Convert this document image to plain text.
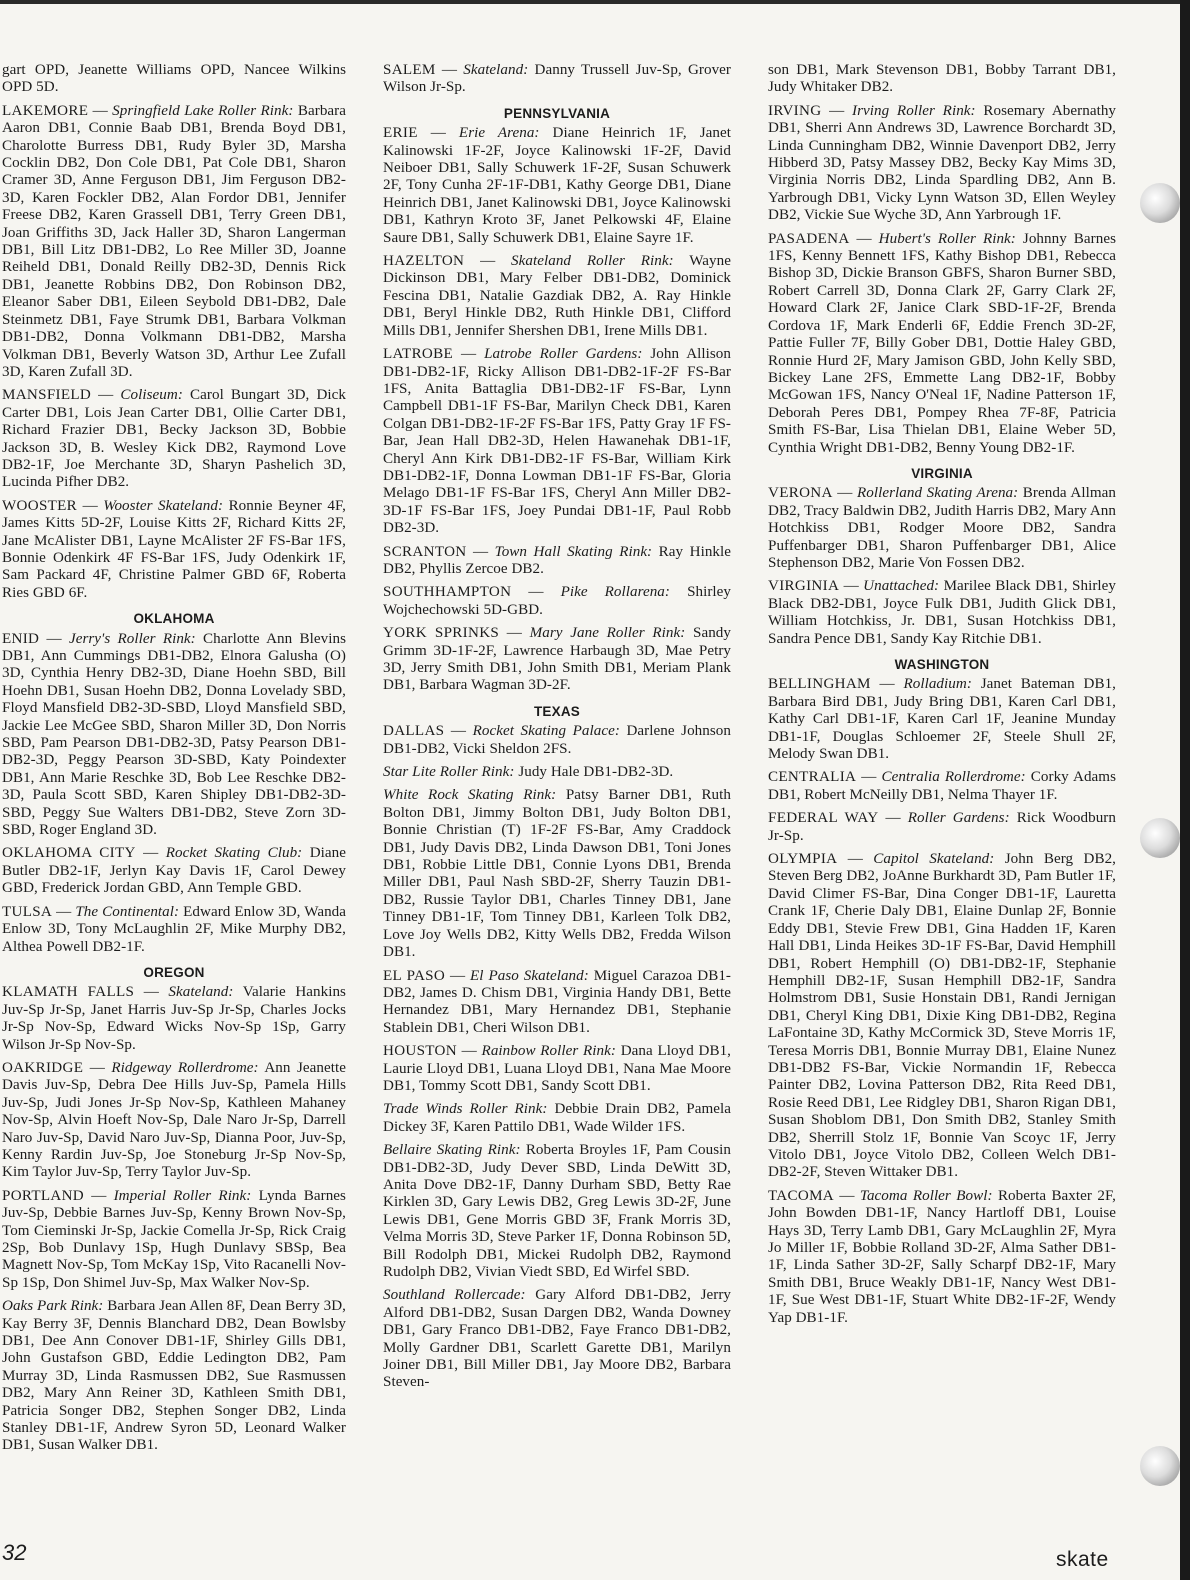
gart OPD, Jeanette Williams OPD, Nancee Wilkins OPD 5D.

LAKEMORE — Springfield Lake Roller Rink: Barbara Aaron DB1, Connie Baab DB1, Brenda Boyd DB1, Charolotte Burress DB1, Rudy Byler 3D, Marsha Cocklin DB2, Don Cole DB1, Pat Cole DB1, Sharon Cramer 3D, Anne Ferguson DB1, Jim Ferguson DB2-3D, Karen Fockler DB2, Alan Fordor DB1, Jennifer Freese DB2, Karen Grassell DB1, Terry Green DB1, Joan Griffiths 3D, Jack Haller 3D, Sharon Langerman DB1, Bill Litz DB1-DB2, Lo Ree Miller 3D, Joanne Reiheld DB1, Donald Reilly DB2-3D, Dennis Rick DB1, Jeanette Robbins DB2, Don Robinson DB2, Eleanor Saber DB1, Eileen Seybold DB1-DB2, Dale Steinmetz DB1, Faye Strumk DB1, Barbara Volkman DB1-DB2, Donna Volkmann DB1-DB2, Marsha Volkman DB1, Beverly Watson 3D, Arthur Lee Zufall 3D, Karen Zufall 3D.

MANSFIELD — Coliseum: Carol Bungart 3D, Dick Carter DB1, Lois Jean Carter DB1, Ollie Carter DB1, Richard Frazier DB1, Becky Jackson 3D, Bobbie Jackson 3D, B. Wesley Kick DB2, Raymond Love DB2-1F, Joe Merchante 3D, Sharyn Pashelich 3D, Lucinda Pifher DB2.

WOOSTER — Wooster Skateland: Ronnie Beyner 4F, James Kitts 5D-2F, Louise Kitts 2F, Richard Kitts 2F, Jane McAlister DB1, Layne McAlister 2F FS-Bar 1FS, Bonnie Odenkirk 4F FS-Bar 1FS, Judy Odenkirk 1F, Sam Packard 4F, Christine Palmer GBD 6F, Roberta Ries GBD 6F.

OKLAHOMA

ENID — Jerry's Roller Rink: Charlotte Ann Blevins DB1, Ann Cummings DB1-DB2, Elnora Galusha (O) 3D, Cynthia Henry DB2-3D, Diane Hoehn SBD, Bill Hoehn DB1, Susan Hoehn DB2, Donna Lovelady SBD, Floyd Mansfield DB2-3D-SBD, Lloyd Mansfield SBD, Jackie Lee McGee SBD, Sharon Miller 3D, Don Norris SBD, Pam Pearson DB1-DB2-3D, Patsy Pearson DB1-DB2-3D, Peggy Pearson 3D-SBD, Katy Poindexter DB1, Ann Marie Reschke 3D, Bob Lee Reschke DB2-3D, Paula Scott SBD, Karen Shipley DB1-DB2-3D-SBD, Peggy Sue Walters DB1-DB2, Steve Zorn 3D-SBD, Roger England 3D.

OKLAHOMA CITY — Rocket Skating Club: Diane Butler DB2-1F, Jerlyn Kay Davis 1F, Carol Dewey GBD, Frederick Jordan GBD, Ann Temple GBD.

TULSA — The Continental: Edward Enlow 3D, Wanda Enlow 3D, Tony McLaughlin 2F, Mike Murphy DB2, Althea Powell DB2-1F.

OREGON

KLAMATH FALLS — Skateland: Valarie Hankins Juv-Sp Jr-Sp, Janet Harris Juv-Sp Jr-Sp, Charles Jocks Jr-Sp Nov-Sp, Edward Wicks Nov-Sp 1Sp, Garry Wilson Jr-Sp Nov-Sp.

OAKRIDGE — Ridgeway Rollerdrome: Ann Jeanette Davis Juv-Sp, Debra Dee Hills Juv-Sp, Pamela Hills Juv-Sp, Judi Jones Jr-Sp Nov-Sp, Kathleen Mahaney Nov-Sp, Alvin Hoeft Nov-Sp, Dale Naro Jr-Sp, Darrell Naro Juv-Sp, David Naro Juv-Sp, Dianna Poor, Juv-Sp, Kenny Rardin Juv-Sp, Joe Stoneburg Jr-Sp Nov-Sp, Kim Taylor Juv-Sp, Terry Taylor Juv-Sp.

PORTLAND — Imperial Roller Rink: Lynda Barnes Juv-Sp, Debbie Barnes Juv-Sp, Kenny Brown Nov-Sp, Tom Cieminski Jr-Sp, Jackie Comella Jr-Sp, Rick Craig 2Sp, Bob Dunlavy 1Sp, Hugh Dunlavy SBSp, Bea Magnett Nov-Sp, Tom McKay 1Sp, Vito Racanelli Nov-Sp 1Sp, Don Shimel Juv-Sp, Max Walker Nov-Sp.

Oaks Park Rink: Barbara Jean Allen 8F, Dean Berry 3D, Kay Berry 3F, Dennis Blanchard DB2, Dean Bowlsby DB1, Dee Ann Conover DB1-1F, Shirley Gills DB1, John Gustafson GBD, Eddie Ledington DB2, Pam Murray 3D, Linda Rasmussen DB2, Sue Rasmussen DB2, Mary Ann Reiner 3D, Kathleen Smith DB1, Patricia Songer DB2, Stephen Songer DB2, Linda Stanley DB1-1F, Andrew Syron 5D, Leonard Walker DB1, Susan Walker DB1.

SALEM — Skateland: Danny Trussell Juv-Sp, Grover Wilson Jr-Sp.

PENNSYLVANIA

ERIE — Erie Arena: Diane Heinrich 1F, Janet Kalinowski 1F-2F, Joyce Kalinowski 1F-2F, David Neiboer DB1, Sally Schuwerk 1F-2F, Susan Schuwerk 2F, Tony Cunha 2F-1F-DB1, Kathy George DB1, Diane Heinrich DB1, Janet Kalinowski DB1, Joyce Kalinowski DB1, Kathryn Kroto 3F, Janet Pelkowski 4F, Elaine Saure DB1, Sally Schuwerk DB1, Elaine Sayre 1F.

HAZELTON — Skateland Roller Rink: Wayne Dickinson DB1, Mary Felber DB1-DB2, Dominick Fescina DB1, Natalie Gazdiak DB2, A. Ray Hinkle DB1, Beryl Hinkle DB2, Ruth Hinkle DB1, Clifford Mills DB1, Jennifer Shershen DB1, Irene Mills DB1.

LATROBE — Latrobe Roller Gardens: John Allison DB1-DB2-1F, Ricky Allison DB1-DB2-1F-2F FS-Bar 1FS, Anita Battaglia DB1-DB2-1F FS-Bar, Lynn Campbell DB1-1F FS-Bar, Marilyn Check DB1, Karen Colgan DB1-DB2-1F-2F FS-Bar 1FS, Patty Gray 1F FS-Bar, Jean Hall DB2-3D, Helen Hawanehak DB1-1F, Cheryl Ann Kirk DB1-DB2-1F FS-Bar, William Kirk DB1-DB2-1F, Donna Lowman DB1-1F FS-Bar, Gloria Melago DB1-1F FS-Bar 1FS, Cheryl Ann Miller DB2-3D-1F FS-Bar 1FS, Joey Pundai DB1-1F, Paul Robb DB2-3D.

SCRANTON — Town Hall Skating Rink: Ray Hinkle DB2, Phyllis Zercoe DB2.

SOUTHHAMPTON — Pike Rollarena: Shirley Wojchechowski 5D-GBD.

YORK SPRINKS — Mary Jane Roller Rink: Sandy Grimm 3D-1F-2F, Lawrence Harbaugh 3D, Mae Petry 3D, Jerry Smith DB1, John Smith DB1, Meriam Plank DB1, Barbara Wagman 3D-2F.

TEXAS

DALLAS — Rocket Skating Palace: Darlene Johnson DB1-DB2, Vicki Sheldon 2FS.

Star Lite Roller Rink: Judy Hale DB1-DB2-3D.

White Rock Skating Rink: Patsy Barner DB1, Ruth Bolton DB1, Jimmy Bolton DB1, Judy Bolton DB1, Bonnie Christian (T) 1F-2F FS-Bar, Amy Craddock DB1, Judy Davis DB2, Linda Dawson DB1, Toni Jones DB1, Robbie Little DB1, Connie Lyons DB1, Brenda Miller DB1, Paul Nash SBD-2F, Sherry Tauzin DB1-DB2, Russie Taylor DB1, Charles Tinney DB1, Jane Tinney DB1-1F, Tom Tinney DB1, Karleen Tolk DB2, Love Joy Wells DB2, Kitty Wells DB2, Fredda Wilson DB1.

EL PASO — El Paso Skateland: Miguel Carazoa DB1-DB2, James D. Chism DB1, Virginia Handy DB1, Bette Hernandez DB1, Mary Hernandez DB1, Stephanie Stablein DB1, Cheri Wilson DB1.

HOUSTON — Rainbow Roller Rink: Dana Lloyd DB1, Laurie Lloyd DB1, Luana Lloyd DB1, Nana Mae Moore DB1, Tommy Scott DB1, Sandy Scott DB1.

Trade Winds Roller Rink: Debbie Drain DB2, Pamela Dickey 3F, Karen Pattilo DB1, Wade Wilder 1FS.

Bellaire Skating Rink: Roberta Broyles 1F, Pam Cousin DB1-DB2-3D, Judy Dever SBD, Linda DeWitt 3D, Anita Dove DB2-1F, Danny Durham SBD, Betty Rae Kirklen 3D, Gary Lewis DB2, Greg Lewis 3D-2F, June Lewis DB1, Gene Morris GBD 3F, Frank Morris 3D, Velma Morris 3D, Steve Parker 1F, Donna Robinson 5D, Bill Rodolph DB1, Mickei Rudolph DB2, Raymond Rudolph DB2, Vivian Viedt SBD, Ed Wirfel SBD.

Southland Rollercade: Gary Alford DB1-DB2, Jerry Alford DB1-DB2, Susan Dargen DB2, Wanda Downey DB1, Gary Franco DB1-DB2, Faye Franco DB1-DB2, Molly Gardner DB1, Scarlett Garette DB1, Marilyn Joiner DB1, Bill Miller DB1, Jay Moore DB2, Barbara Steven-

son DB1, Mark Stevenson DB1, Bobby Tarrant DB1, Judy Whitaker DB2.

IRVING — Irving Roller Rink: Rosemary Abernathy DB1, Sherri Ann Andrews 3D, Lawrence Borchardt 3D, Linda Cunningham DB2, Winnie Davenport DB2, Jerry Hibberd 3D, Patsy Massey DB2, Becky Kay Mims 3D, Virginia Norris DB2, Linda Spardling DB2, Ann B. Yarbrough DB1, Vicky Lynn Watson 3D, Ellen Weyley DB2, Vickie Sue Wyche 3D, Ann Yarbrough 1F.

PASADENA — Hubert's Roller Rink: Johnny Barnes 1FS, Kenny Bennett 1FS, Kathy Bishop DB1, Rebecca Bishop 3D, Dickie Branson GBFS, Sharon Burner SBD, Robert Carrell 3D, Donna Clark 2F, Garry Clark 2F, Howard Clark 2F, Janice Clark SBD-1F-2F, Brenda Cordova 1F, Mark Enderli 6F, Eddie French 3D-2F, Pattie Fuller 7F, Billy Gober DB1, Dottie Haley GBD, Ronnie Hurd 2F, Mary Jamison GBD, John Kelly SBD, Bickey Lane 2FS, Emmette Lang DB2-1F, Bobby McGowan 1FS, Nancy O'Neal 1F, Nadine Patterson 1F, Deborah Peres DB1, Pompey Rhea 7F-8F, Patricia Smith FS-Bar, Lisa Thielan DB1, Elaine Weber 5D, Cynthia Wright DB1-DB2, Benny Young DB2-1F.

VIRGINIA

VERONA — Rollerland Skating Arena: Brenda Allman DB2, Tracy Baldwin DB2, Judith Harris DB2, Mary Ann Hotchkiss DB1, Rodger Moore DB2, Sandra Puffenbarger DB1, Sharon Puffenbarger DB1, Alice Stephenson DB2, Marie Von Fossen DB2.

VIRGINIA — Unattached: Marilee Black DB1, Shirley Black DB2-DB1, Joyce Fulk DB1, Judith Glick DB1, William Hotchkiss, Jr. DB1, Susan Hotchkiss DB1, Sandra Pence DB1, Sandy Kay Ritchie DB1.

WASHINGTON

BELLINGHAM — Rolladium: Janet Bateman DB1, Barbara Bird DB1, Judy Bring DB1, Karen Carl DB1, Kathy Carl DB1-1F, Karen Carl 1F, Jeanine Munday DB1-1F, Douglas Schloemer 2F, Steele Shull 2F, Melody Swan DB1.

CENTRALIA — Centralia Rollerdrome: Corky Adams DB1, Robert McNeilly DB1, Nelma Thayer 1F.

FEDERAL WAY — Roller Gardens: Rick Woodburn Jr-Sp.

OLYMPIA — Capitol Skateland: John Berg DB2, Steven Berg DB2, JoAnne Burkhardt 3D, Pam Butler 1F, David Climer FS-Bar, Dina Conger DB1-1F, Lauretta Crank 1F, Cherie Daly DB1, Elaine Dunlap 2F, Bonnie Eddy DB1, Stevie Frew DB1, Gina Hadden 1F, Karen Hall DB1, Linda Heikes 3D-1F FS-Bar, David Hemphill DB1, Robert Hemphill (O) DB1-DB2-1F, Stephanie Hemphill DB2-1F, Susan Hemphill DB2-1F, Sandra Holmstrom DB1, Susie Honstain DB1, Randi Jernigan DB1, Cheryl King DB1, Dixie King DB1-DB2, Regina LaFontaine 3D, Kathy McCormick 3D, Steve Morris 1F, Teresa Morris DB1, Bonnie Murray DB1, Elaine Nunez DB1-DB2 FS-Bar, Vickie Normandin 1F, Rebecca Painter DB2, Lovina Patterson DB2, Rita Reed DB1, Rosie Reed DB1, Lee Ridgley DB1, Sharon Rigan DB1, Susan Shoblom DB1, Don Smith DB2, Stanley Smith DB2, Sherrill Stolz 1F, Bonnie Van Scoyc 1F, Jerry Vitolo DB1, Joyce Vitolo DB2, Colleen Welch DB1-DB2-2F, Steven Wittaker DB1.

TACOMA — Tacoma Roller Bowl: Roberta Baxter 2F, John Bowden DB1-1F, Nancy Hartloff DB1, Louise Hays 3D, Terry Lamb DB1, Gary McLaughlin 2F, Myra Jo Miller 1F, Bobbie Rolland 3D-2F, Alma Sather DB1-1F, Linda Sather 3D-2F, Sally Scharpf DB2-1F, Mary Smith DB1, Bruce Weakly DB1-1F, Nancy West DB1-1F, Sue West DB1-1F, Stuart White DB2-1F-2F, Wendy Yap DB1-1F.

32	skate
